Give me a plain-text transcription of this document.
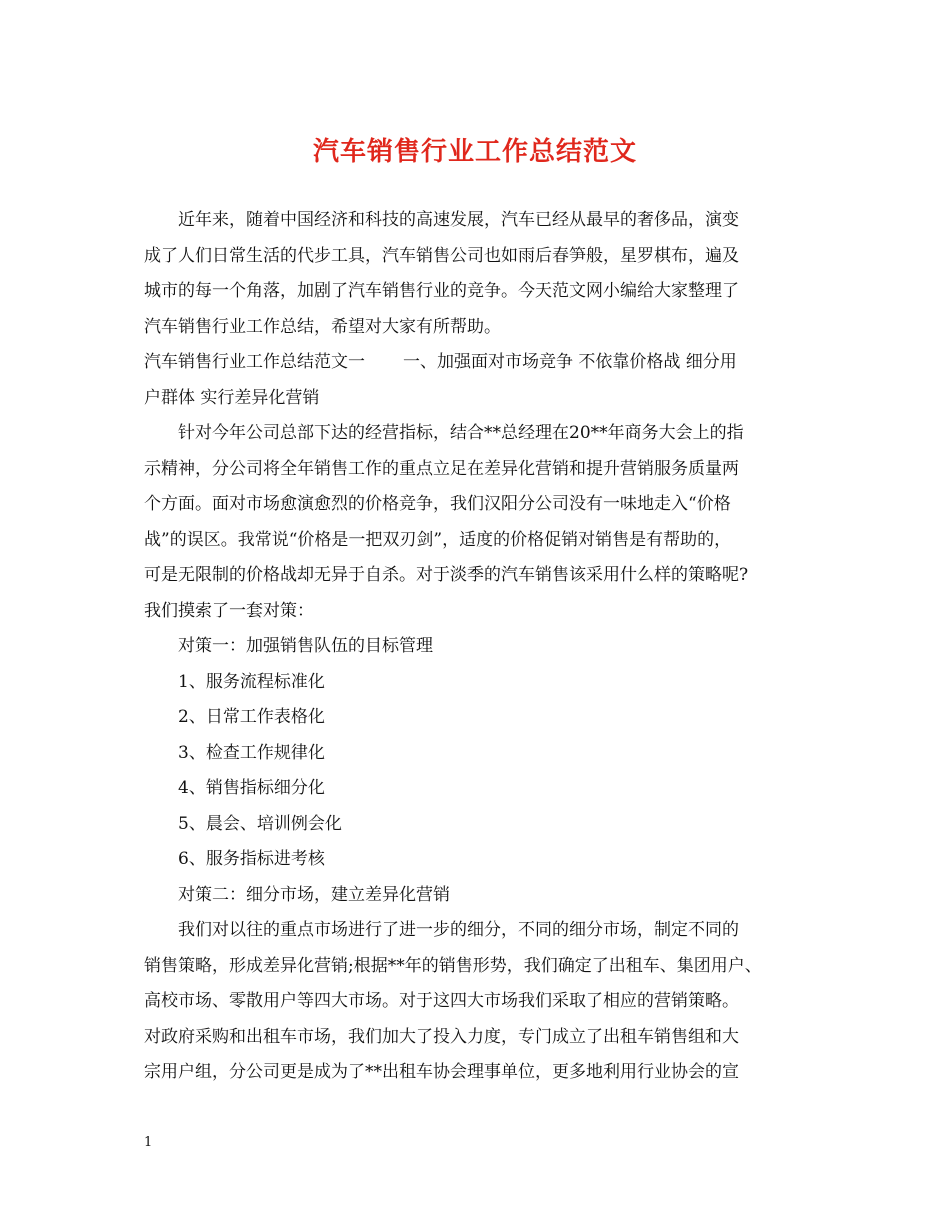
汽车销售行业工作总结范文
近年来，随着中国经济和科技的高速发展，汽车已经从最早的奢侈品，演变
成了人们日常生活的代步工具，汽车销售公司也如雨后春笋般，星罗棋布，遍及
城市的每一个角落，加剧了汽车销售行业的竞争。今天范文网小编给大家整理了
汽车销售行业工作总结，希望对大家有所帮助。
汽车销售行业工作总结范文一 一、加强面对市场竞争 不依靠价格战 细分用
户群体 实行差异化营销
针对今年公司总部下达的经营指标，结合**总经理在20**年商务大会上的指
示精神，分公司将全年销售工作的重点立足在差异化营销和提升营销服务质量两
个方面。面对市场愈演愈烈的价格竞争，我们汉阳分公司没有一味地走入“价格
战”的误区。我常说“价格是一把双刃剑”，适度的价格促销对销售是有帮助的，
可是无限制的价格战却无异于自杀。对于淡季的汽车销售该采用什么样的策略呢?
我们摸索了一套对策：
对策一：加强销售队伍的目标管理
1、服务流程标准化
2、日常工作表格化
3、检查工作规律化
4、销售指标细分化
5、晨会、培训例会化
6、服务指标进考核
对策二：细分市场，建立差异化营销
我们对以往的重点市场进行了进一步的细分，不同的细分市场，制定不同的
销售策略，形成差异化营销;根据**年的销售形势，我们确定了出租车、集团用户、
高校市场、零散用户等四大市场。对于这四大市场我们采取了相应的营销策略。
对政府采购和出租车市场，我们加大了投入力度，专门成立了出租车销售组和大
宗用户组，分公司更是成为了**出租车协会理事单位，更多地利用行业协会的宣
1
